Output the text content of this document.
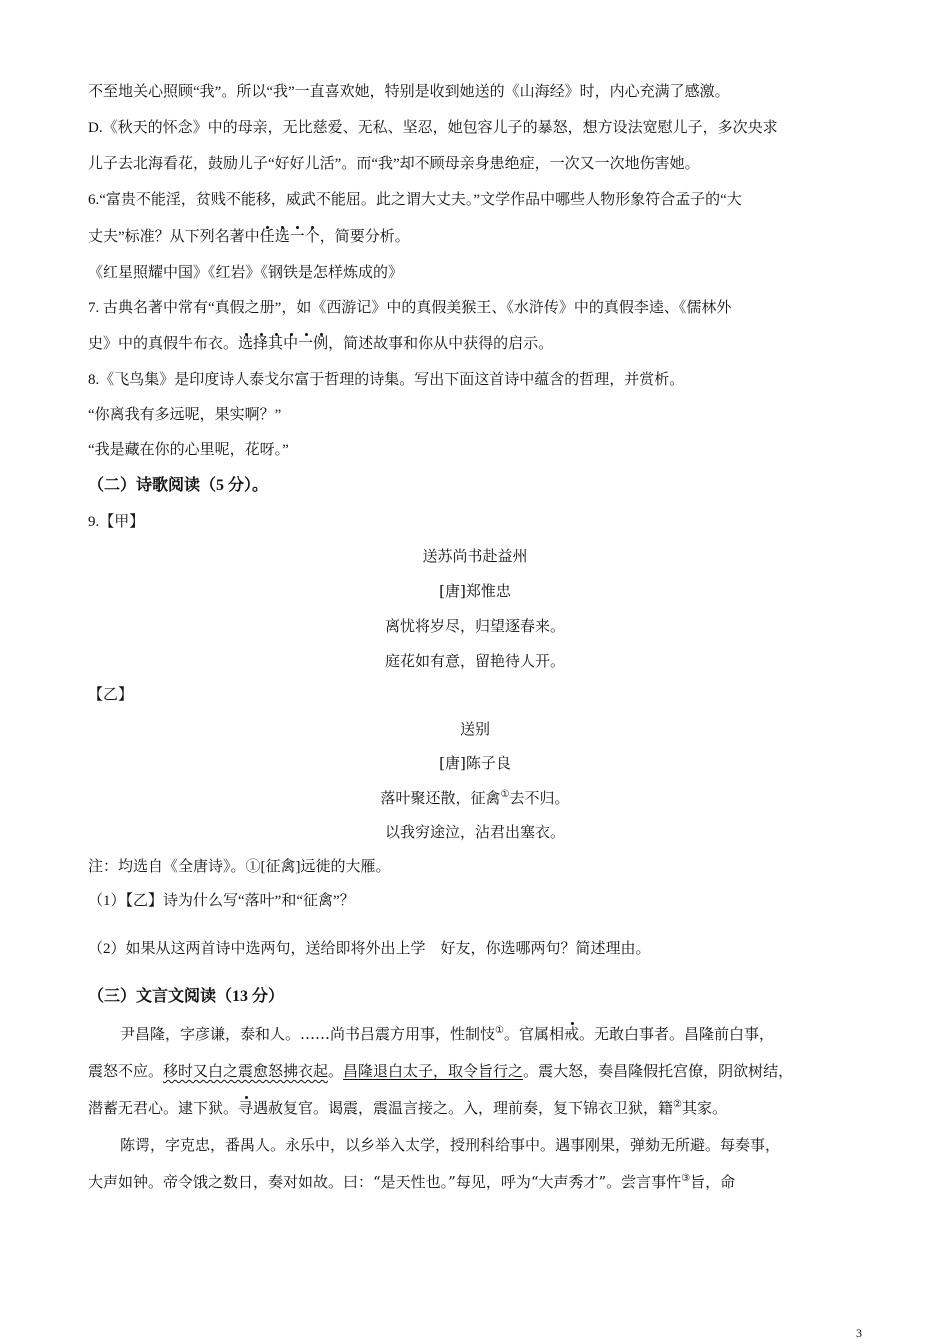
不至地关心照顾“我”。所以“我”一直喜欢她，特别是收到她送的《山海经》时，内心充满了感激。
D.《秋天的怀念》中的母亲，无比慈爱、无私、坚忍，她包容儿子的暴怒，想方设法宽慰儿子，多次央求
儿子去北海看花，鼓励儿子“好好儿活”。而“我”却不顾母亲身患绝症，一次又一次地伤害她。
6.“富贵不能淫，贫贱不能移，威武不能屈。此之谓大丈夫。”文学作品中哪些人物形象符合孟子的“大
丈夫”标准？从下列名著中任选一个，简要分析。
《红星照耀中国》《红岩》《钢铁是怎样炼成的》
7. 古典名著中常有“真假之册”，如《西游记》中的真假美猴王、《水浒传》中的真假李逵、《儒林外
史》中的真假牛布衣。选择其中一例，简述故事和你从中获得的启示。
8.《飞鸟集》是印度诗人泰戈尔富于哲理的诗集。写出下面这首诗中蕴含的哲理，并赏析。
“你离我有多远呢，果实啊？”
“我是藏在你的心里呢，花呀。”
（二）诗歌阅读（5 分）。
9.【甲】
送苏尚书赴益州
[唐]郑惟忠
离忧将岁尽，归望逐春来。
庭花如有意，留艳待人开。
【乙】
送别
[唐]陈子良
落叶聚还散，征禽①去不归。
以我穷途泣，沾君出塞衣。
注：均选自《全唐诗》。①[征禽]远徙的大雁。
（1）【乙】诗为什么写“落叶”和“征禽”？
（2）如果从这两首诗中选两句，送给即将外出上学　好友，你选哪两句？简述理由。
（三）文言文阅读（13 分）
尹昌隆，字彦谦，泰和人。……尚书吕震方用事，性制忮①。官属相戒。无敢白事者。昌隆前白事，
震怒不应。移时又白之震愈怒拂衣起。昌隆退白太子，取令旨行之。震大怒，奏昌隆假托宫僚，阴欲树结，
潜蓄无君心。逮下狱。寻遇赦复官。谒震，震温言接之。入，理前奏，复下锦衣卫狱，籍②其家。
陈谔，字克忠，番禺人。永乐中，以乡举入太学，授刑科给事中。遇事刚果，弹劾无所避。每奏事，
大声如钟。帝令饿之数日，奏对如故。曰：“是天性也。”每见，呼为“大声秀才”。尝言事忤③旨，命
3
